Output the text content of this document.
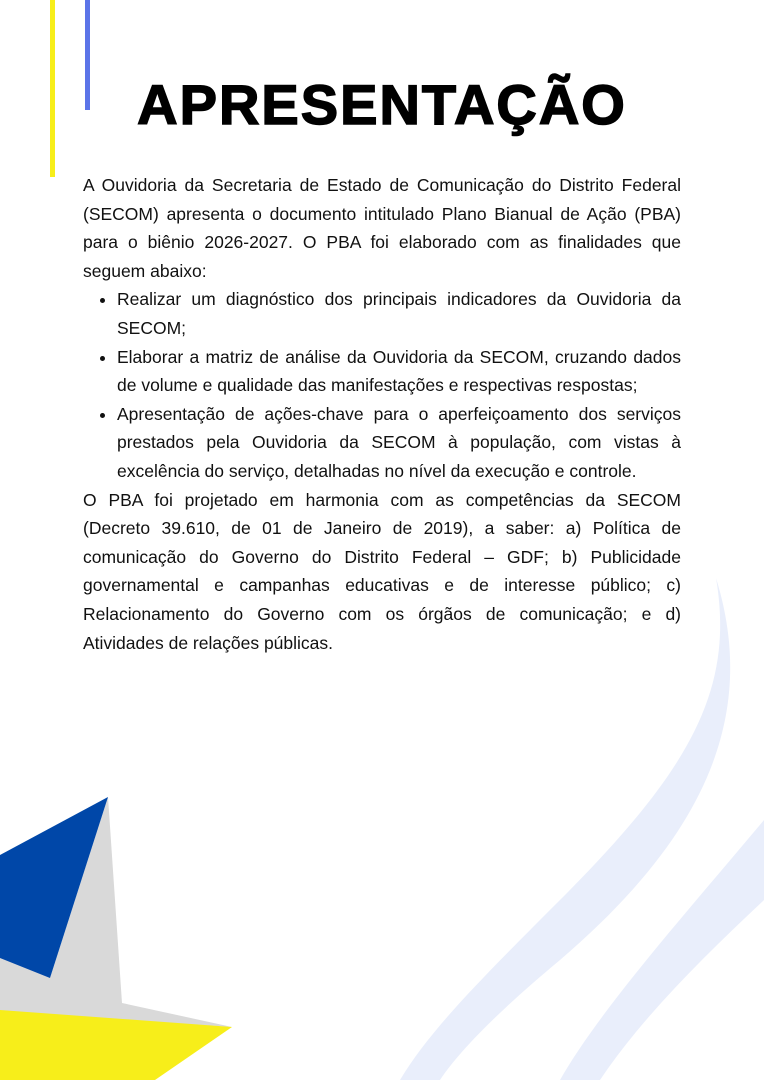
APRESENTAÇÃO

A Ouvidoria da Secretaria de Estado de Comunicação do Distrito Federal (SECOM) apresenta o documento intitulado Plano Bianual de Ação (PBA) para o biênio 2026-2027. O PBA foi elaborado com as finalidades que seguem abaixo:

• Realizar um diagnóstico dos principais indicadores da Ouvidoria da SECOM;
• Elaborar a matriz de análise da Ouvidoria da SECOM, cruzando dados de volume e qualidade das manifestações e respectivas respostas;
• Apresentação de ações-chave para o aperfeiçoamento dos serviços prestados pela Ouvidoria da SECOM à população, com vistas à excelência do serviço, detalhadas no nível da execução e controle.

O PBA foi projetado em harmonia com as competências da SECOM (Decreto 39.610, de 01 de Janeiro de 2019), a saber: a) Política de comunicação do Governo do Distrito Federal – GDF; b) Publicidade governamental e campanhas educativas e de interesse público; c) Relacionamento do Governo com os órgãos de comunicação; e d) Atividades de relações públicas.
